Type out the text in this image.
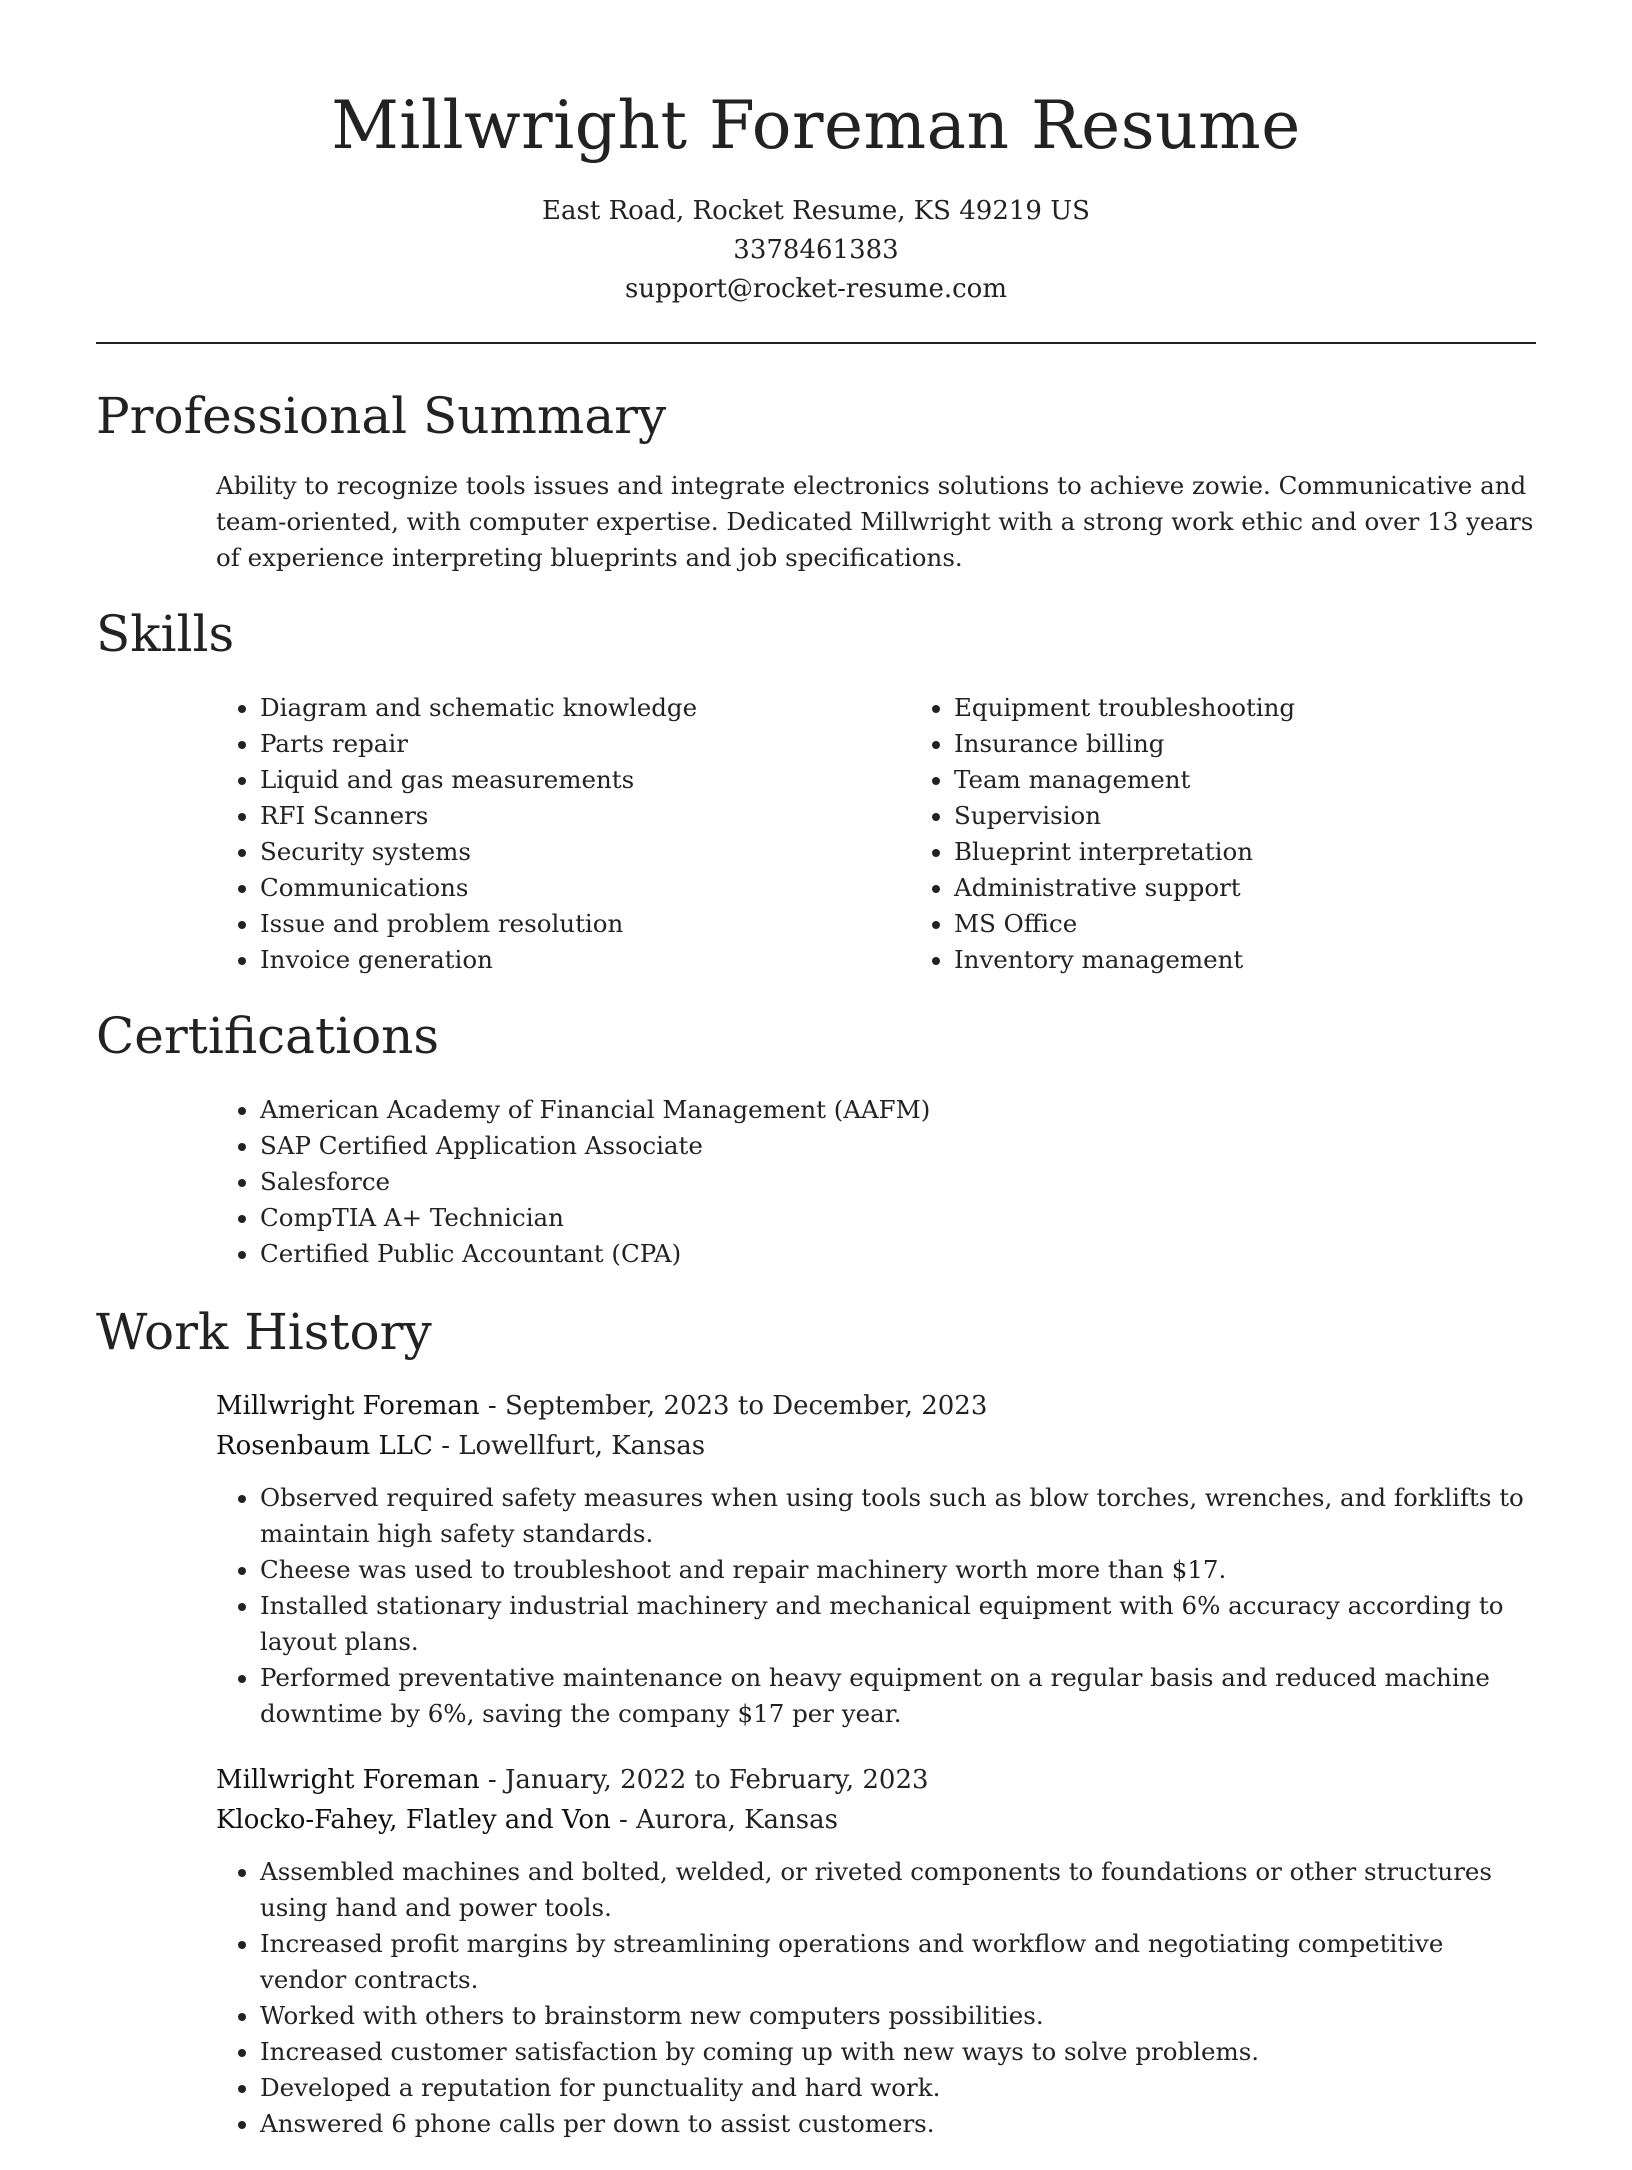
Millwright Foreman Resume
East Road, Rocket Resume, KS 49219 US
3378461383
support@rocket-resume.com
Professional Summary

Ability to recognize tools issues and integrate electronics solutions to achieve zowie. Communicative and team-oriented, with computer expertise. Dedicated Millwright with a strong work ethic and over 13 years of experience interpreting blueprints and job specifications.

Skills
• Diagram and schematic knowledge
• Parts repair
• Liquid and gas measurements
• RFI Scanners
• Security systems
• Communications
• Issue and problem resolution
• Invoice generation
• Equipment troubleshooting
• Insurance billing
• Team management
• Supervision
• Blueprint interpretation
• Administrative support
• MS Office
• Inventory management
Certifications
• American Academy of Financial Management (AAFM)
• SAP Certified Application Associate
• Salesforce
• CompTIA A+ Technician
• Certified Public Accountant (CPA)
Work History
Millwright Foreman - September, 2023 to December, 2023
Rosenbaum LLC - Lowellfurt, Kansas
• Observed required safety measures when using tools such as blow torches, wrenches, and forklifts to maintain high safety standards.
• Cheese was used to troubleshoot and repair machinery worth more than $17.
• Installed stationary industrial machinery and mechanical equipment with 6% accuracy according to layout plans.
• Performed preventative maintenance on heavy equipment on a regular basis and reduced machine downtime by 6%, saving the company $17 per year.
Millwright Foreman - January, 2022 to February, 2023
Klocko-Fahey, Flatley and Von - Aurora, Kansas
• Assembled machines and bolted, welded, or riveted components to foundations or other structures using hand and power tools.
• Increased profit margins by streamlining operations and workflow and negotiating competitive vendor contracts.
• Worked with others to brainstorm new computers possibilities.
• Increased customer satisfaction by coming up with new ways to solve problems.
• Developed a reputation for punctuality and hard work.
• Answered 6 phone calls per down to assist customers.
